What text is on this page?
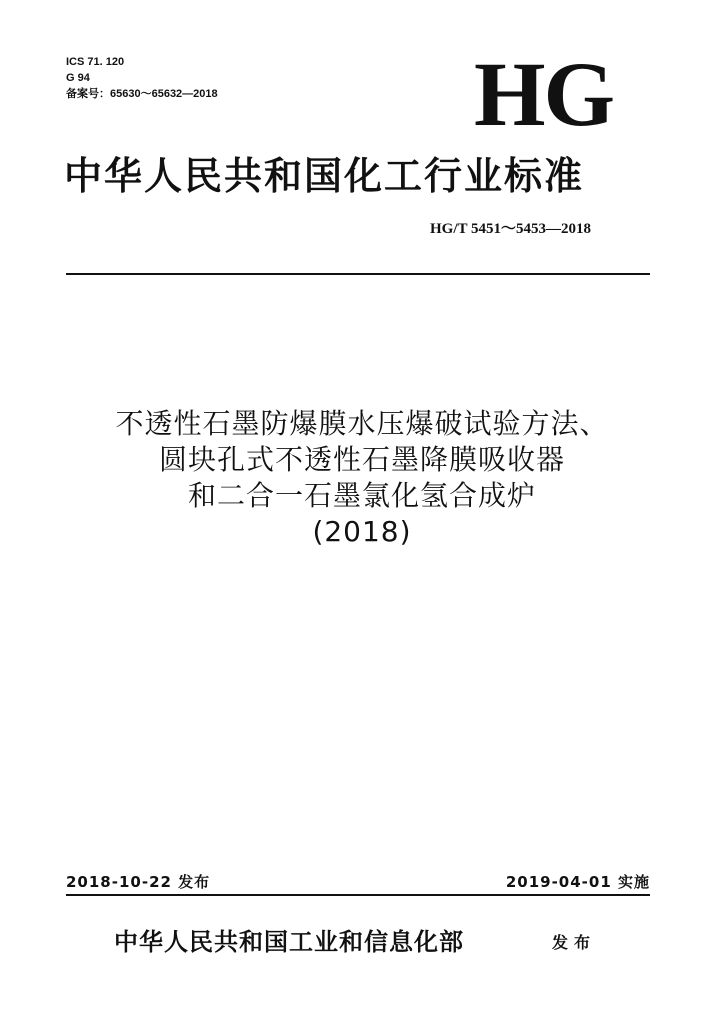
ICS 71. 120
G 94
备案号：65630～65632—2018	HG
中华人民共和国化工行业标准
HG/T 5451～5453—2018
不透性石墨防爆膜水压爆破试验方法、
圆块孔式不透性石墨降膜吸收器
和二合一石墨氯化氢合成炉
(2018)
2018-10-22 发布	2019-04-01 实施
中华人民共和国工业和信息化部	发布
